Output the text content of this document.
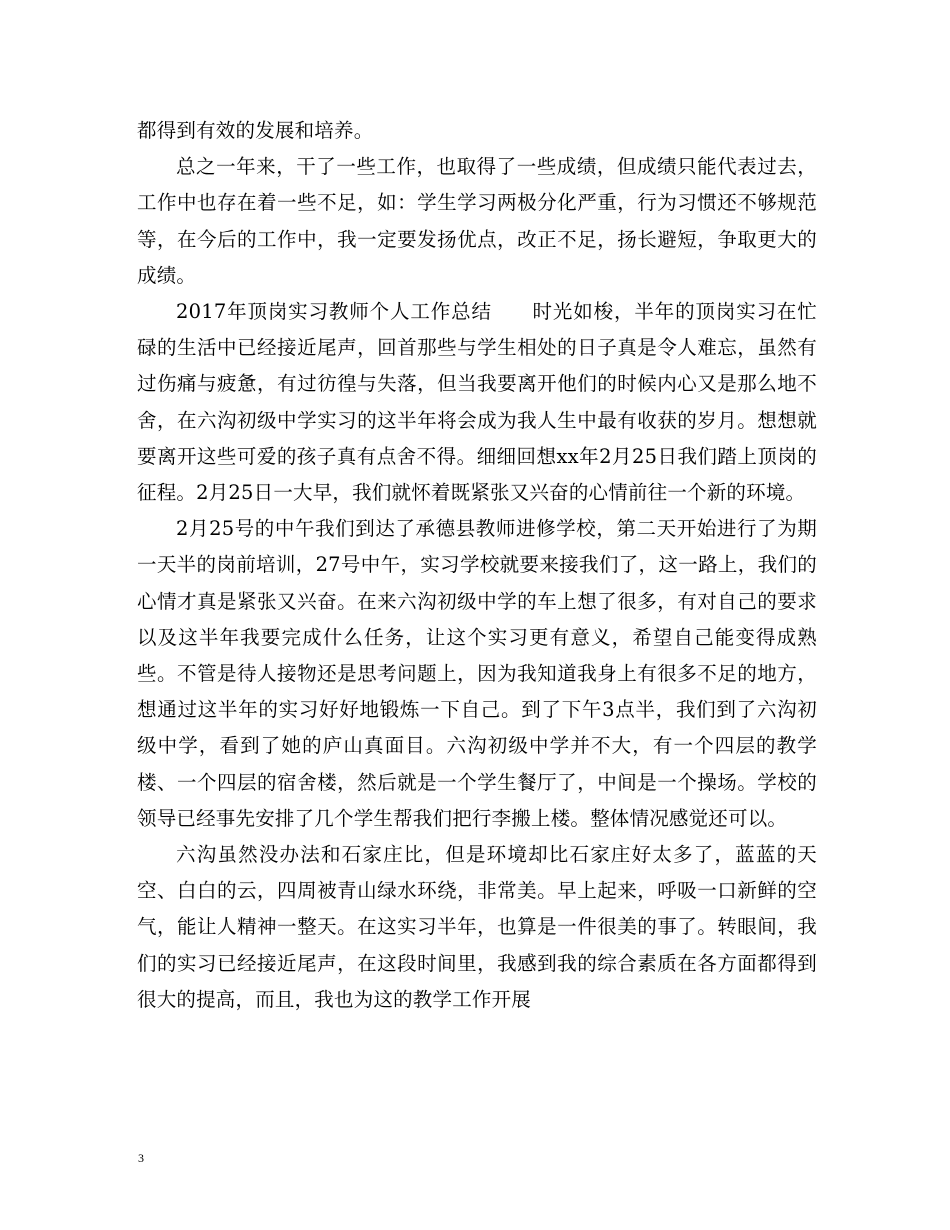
都得到有效的发展和培养。

总之一年来，干了一些工作，也取得了一些成绩，但成绩只能代表过去，工作中也存在着一些不足，如：学生学习两极分化严重，行为习惯还不够规范等，在今后的工作中，我一定要发扬优点，改正不足，扬长避短，争取更大的成绩。

2017年顶岗实习教师个人工作总结　　时光如梭，半年的顶岗实习在忙碌的生活中已经接近尾声，回首那些与学生相处的日子真是令人难忘，虽然有过伤痛与疲惫，有过彷徨与失落，但当我要离开他们的时候内心又是那么地不舍，在六沟初级中学实习的这半年将会成为我人生中最有收获的岁月。想想就要离开这些可爱的孩子真有点舍不得。细细回想xx年2月25日我们踏上顶岗的征程。2月25日一大早，我们就怀着既紧张又兴奋的心情前往一个新的环境。

2月25号的中午我们到达了承德县教师进修学校，第二天开始进行了为期一天半的岗前培训，27号中午，实习学校就要来接我们了，这一路上，我们的心情才真是紧张又兴奋。在来六沟初级中学的车上想了很多，有对自己的要求以及这半年我要完成什么任务，让这个实习更有意义，希望自己能变得成熟些。不管是待人接物还是思考问题上，因为我知道我身上有很多不足的地方，想通过这半年的实习好好地锻炼一下自己。到了下午3点半，我们到了六沟初级中学，看到了她的庐山真面目。六沟初级中学并不大，有一个四层的教学楼、一个四层的宿舍楼，然后就是一个学生餐厅了，中间是一个操场。学校的领导已经事先安排了几个学生帮我们把行李搬上楼。整体情况感觉还可以。

六沟虽然没办法和石家庄比，但是环境却比石家庄好太多了，蓝蓝的天空、白白的云，四周被青山绿水环绕，非常美。早上起来，呼吸一口新鲜的空气，能让人精神一整天。在这实习半年，也算是一件很美的事了。转眼间，我们的实习已经接近尾声，在这段时间里，我感到我的综合素质在各方面都得到很大的提高，而且，我也为这的教学工作开展

3
